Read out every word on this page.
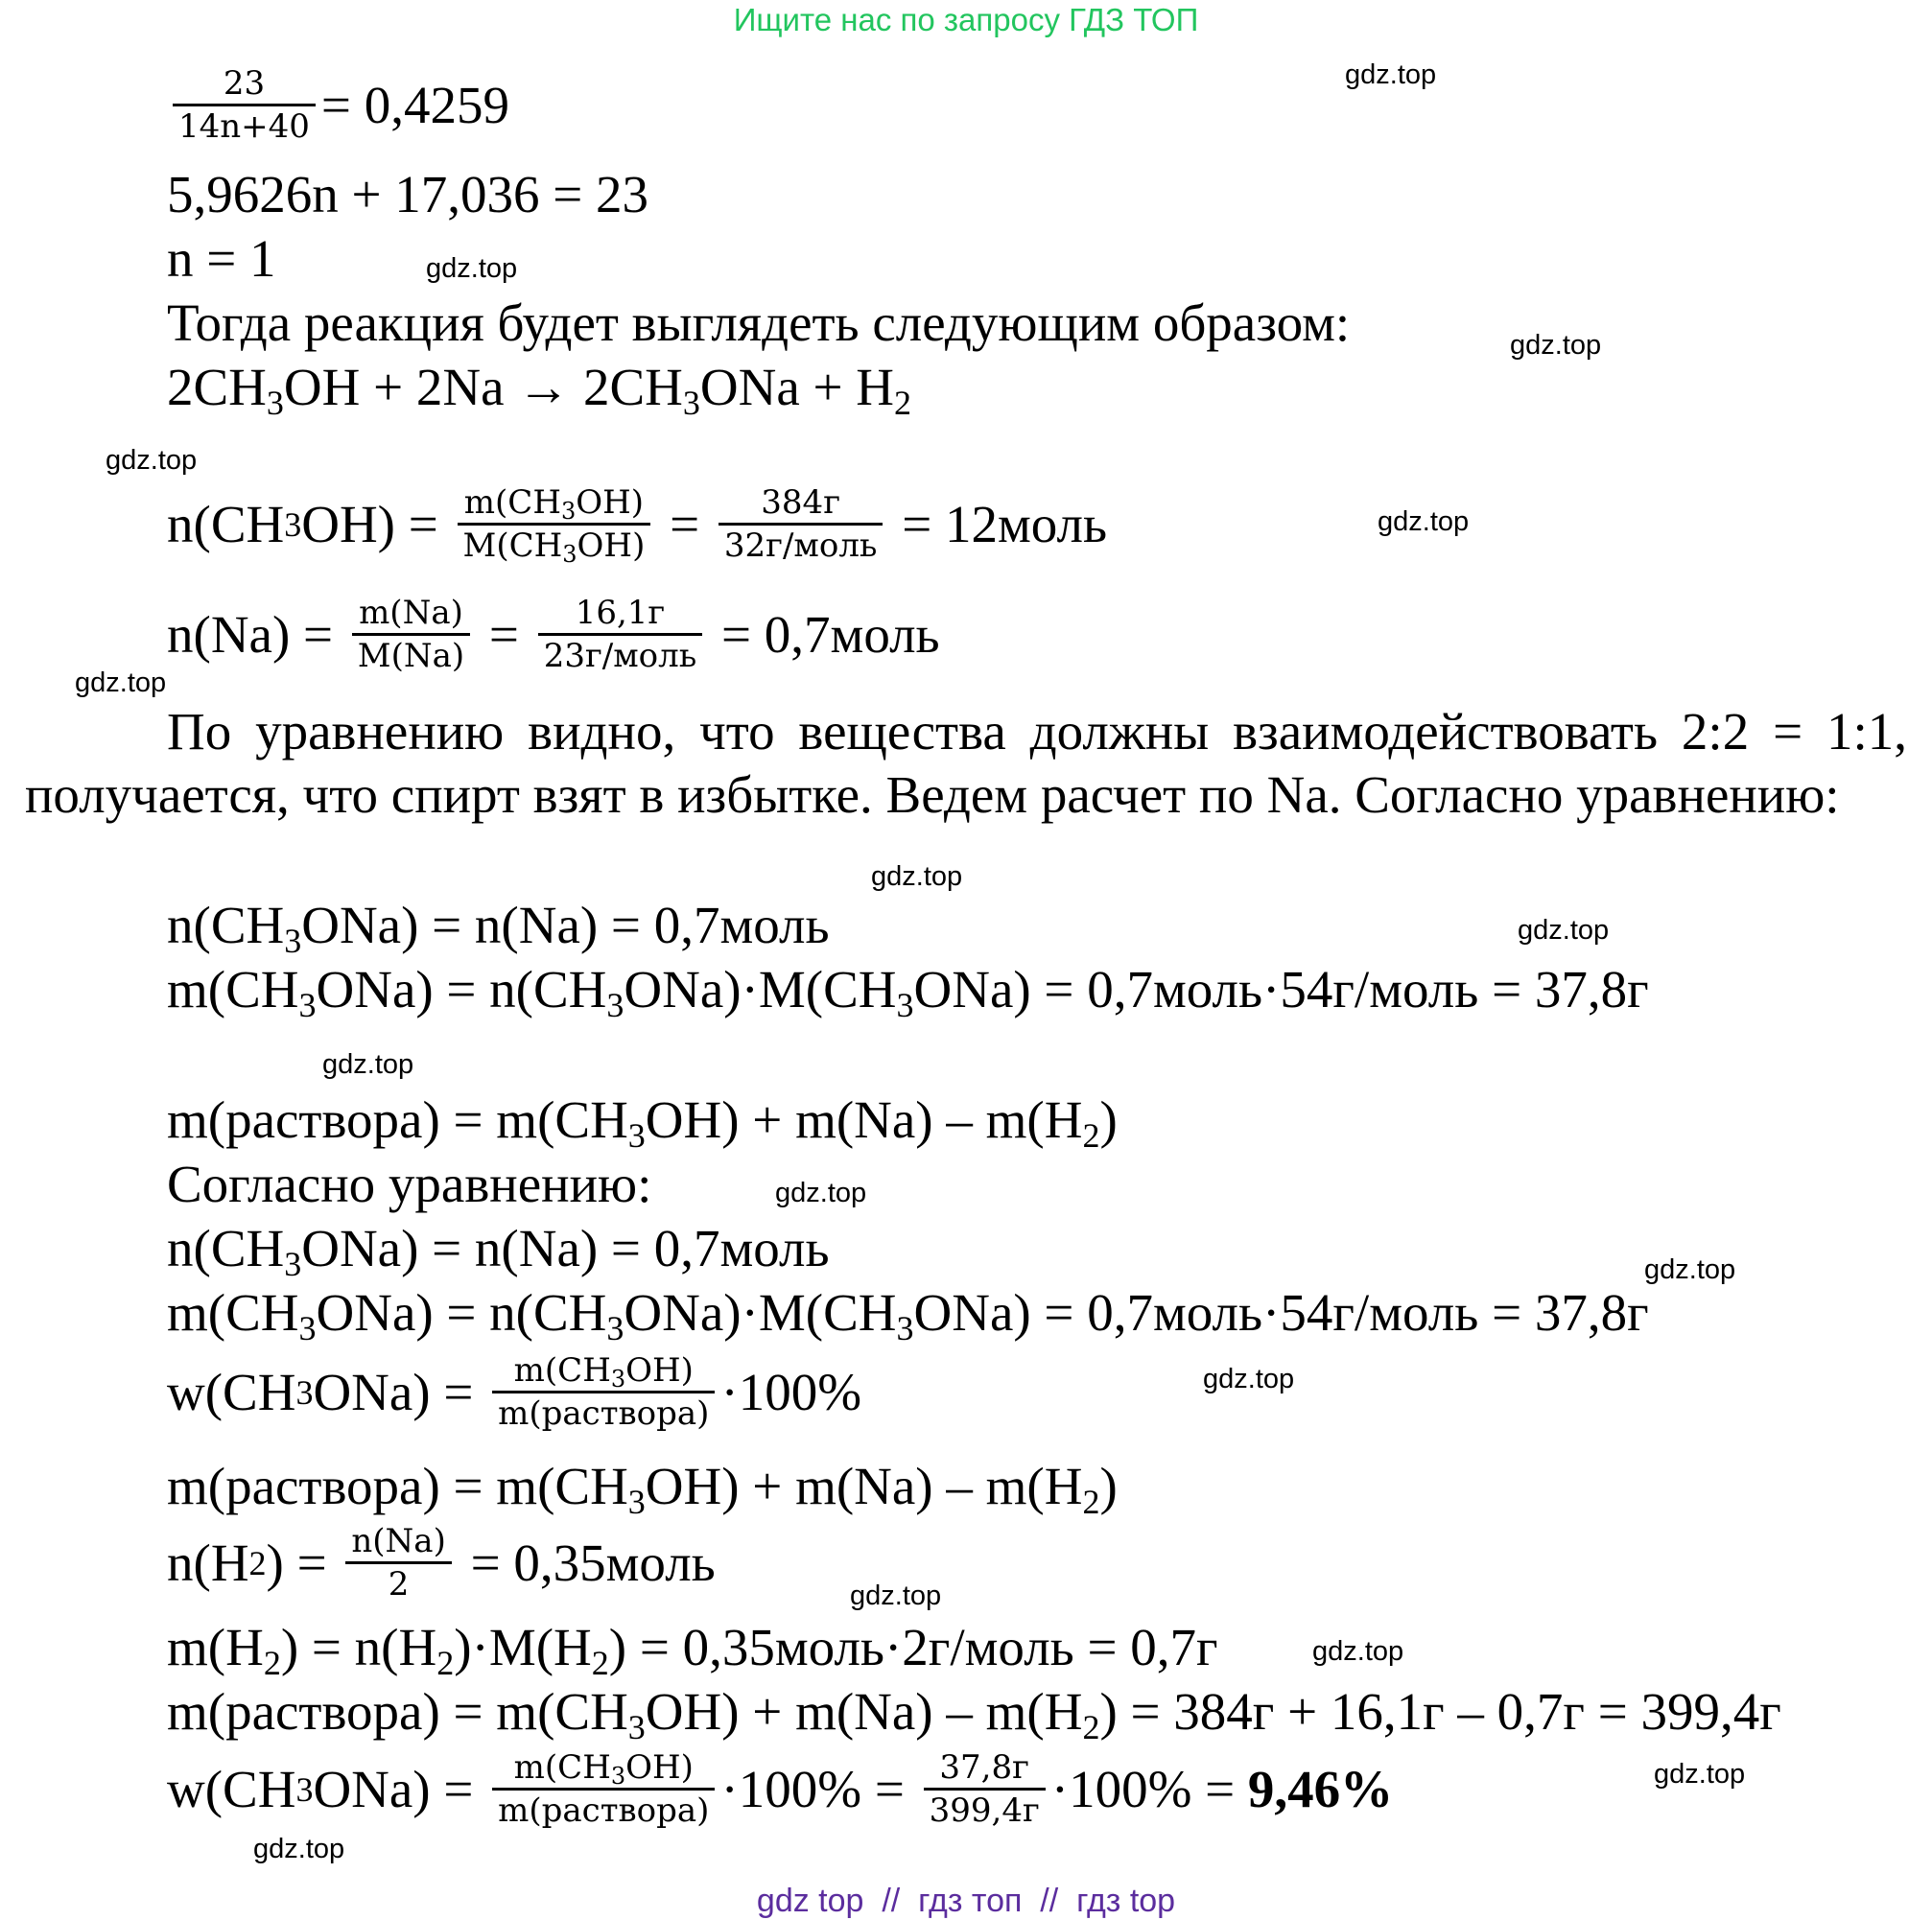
Ищите нас по запросу ГДЗ ТОП
$\frac{23}{14n+40} = 0,4259$
5,9626n + 17,036 = 23
n = 1
Тогда реакция будет выглядеть следующим образом:
$2CH_3OH + 2Na \to 2CH_3ONa + H_2$
n(CH 3 $OH) = \frac{m(CH_3OH)}{M(CH_3OH)} = \frac{384г}{\text{32г/моль}}$ = 12моль
$n(Na) = \frac{m(Na)}{M(Na)} = \frac{16,1г}{\text{23г/моль}}$ = 0,7моль
По уравнению видно, что вещества должны взаимодействовать 2:2 = 1:1, получается, что спирт взят в избытке. Ведем расчет по Na. Согласно уравнению:
$n(CH_3ONa) = n(Na)$ = 0,7моль
$m(CH_3ONa) = n(CH_3ONa)\cdot M(CH_3ONa)$ = 0,7моль·54г/моль = 37,8г
m(раствора) = $m(CH_3OH) + m(Na) - m(H_2)$
Согласно уравнению:
$n(CH_3ONa) = n(Na)$ = 0,7моль
$m(CH_3ONa) = n(CH_3ONa)\cdot M(CH_3ONa)$ = 0,7моль·54г/моль = 37,8г
w(CH 3 $ONa) = \frac{m(CH_3OH)}{\text{m(раствора)}} \cdot 100\%$
m(раствора) = $m(CH_3OH) + m(Na) - m(H_2)$
n(H 2 ) = $\frac{n(Na)}{2}$ = 0,35моль
$m(H_2) = n(H_2)\cdot M(H_2)$ = 0,35моль·2г/моль = 0,7г
m(раствора) = $m(CH_3OH) + m(Na) - m(H_2) = 384г + 16,1г - 0,7г = 399,4г$
w(CH 3 $ONa) = \frac{m(CH_3OH)}{\text{m(раствора)}} \cdot 100\% = \frac{37,8г}{399,4г} \cdot 100\% = 9,46\%$
gdz.top
gdz.top
gdz.top
gdz.top
gdz.top
gdz.top
gdz.top
gdz.top
gdz.top
gdz.top
gdz.top
gdz.top
gdz.top
gdz.top
gdz.top
gdz.top
gdz top  //  гдз топ  //  гдз top
